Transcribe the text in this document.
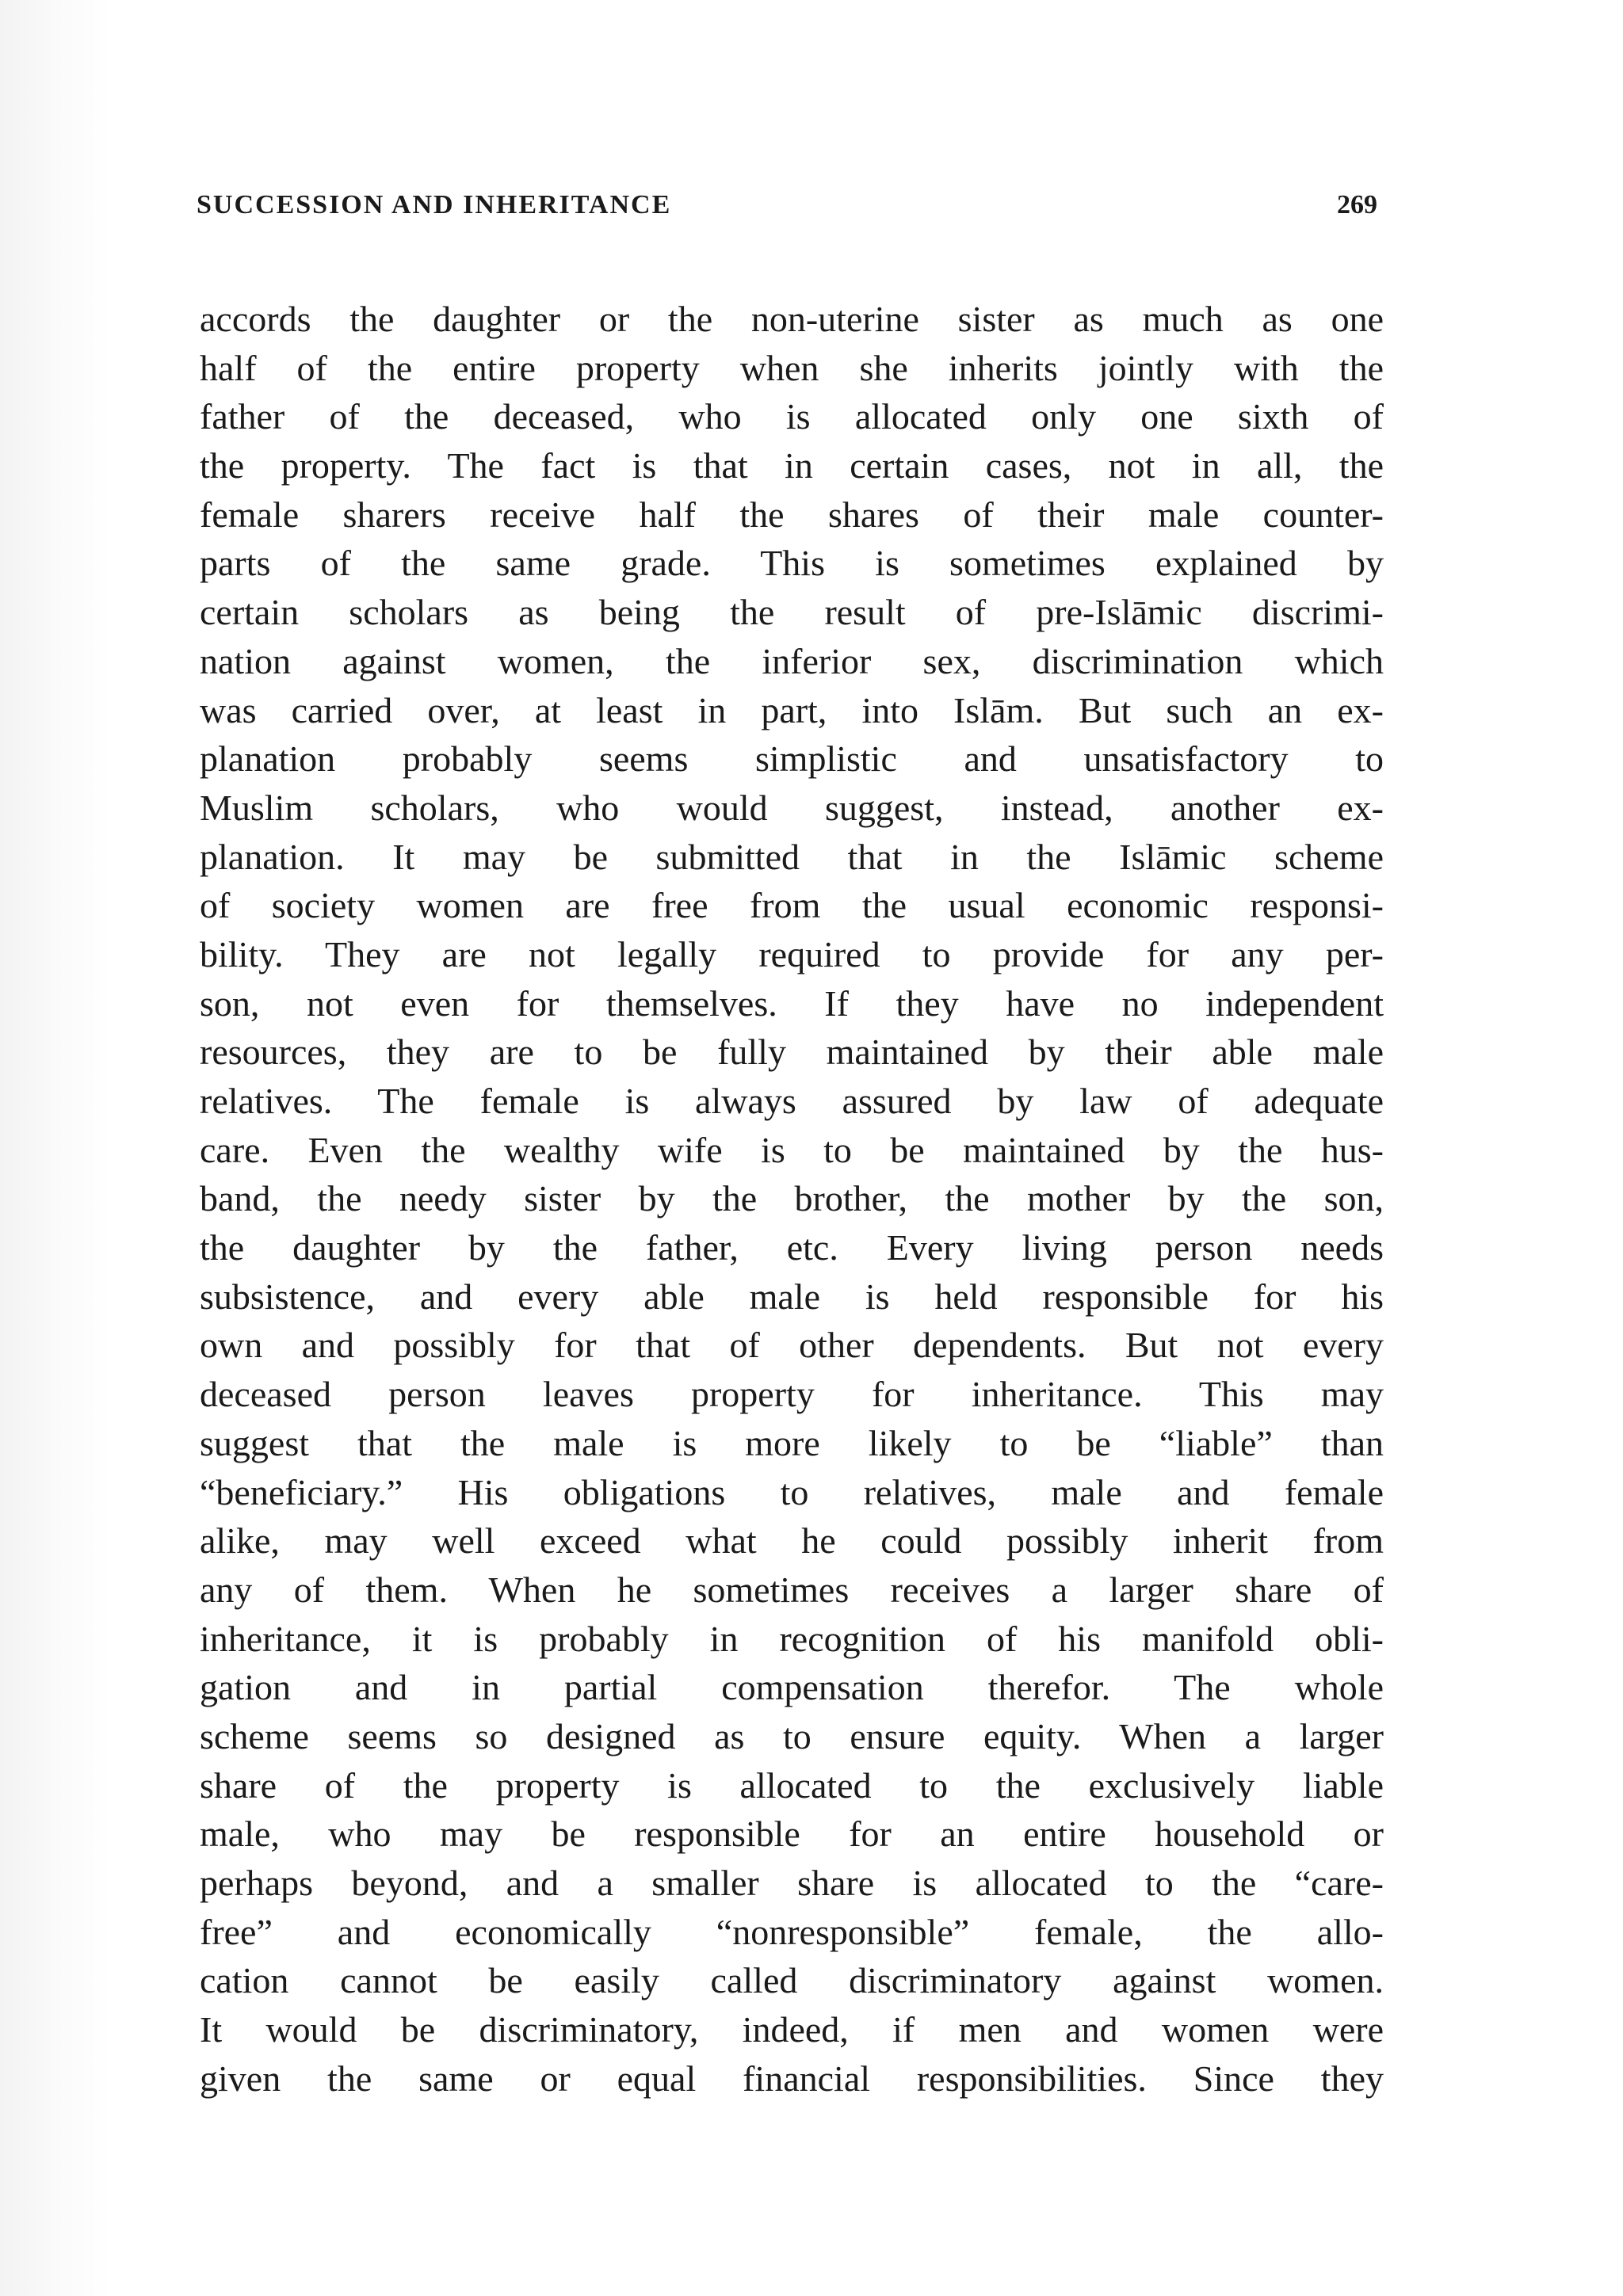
SUCCESSION AND INHERITANCE	269
accords the daughter or the non-uterine sister as much as one
half of the entire property when she inherits jointly with the
father of the deceased, who is allocated only one sixth of
the property. The fact is that in certain cases, not in all, the
female sharers receive half the shares of their male counter-
parts of the same grade. This is sometimes explained by
certain scholars as being the result of pre-Islāmic discrimi-
nation against women, the inferior sex, discrimination which
was carried over, at least in part, into Islām. But such an ex-
planation probably seems simplistic and unsatisfactory to
Muslim scholars, who would suggest, instead, another ex-
planation. It may be submitted that in the Islāmic scheme
of society women are free from the usual economic responsi-
bility. They are not legally required to provide for any per-
son, not even for themselves. If they have no independent
resources, they are to be fully maintained by their able male
relatives. The female is always assured by law of adequate
care. Even the wealthy wife is to be maintained by the hus-
band, the needy sister by the brother, the mother by the son,
the daughter by the father, etc. Every living person needs
subsistence, and every able male is held responsible for his
own and possibly for that of other dependents. But not every
deceased person leaves property for inheritance. This may
suggest that the male is more likely to be “liable” than
“beneficiary.” His obligations to relatives, male and female
alike, may well exceed what he could possibly inherit from
any of them. When he sometimes receives a larger share of
inheritance, it is probably in recognition of his manifold obli-
gation and in partial compensation therefor. The whole
scheme seems so designed as to ensure equity. When a larger
share of the property is allocated to the exclusively liable
male, who may be responsible for an entire household or
perhaps beyond, and a smaller share is allocated to the “care-
free” and economically “nonresponsible” female, the allo-
cation cannot be easily called discriminatory against women.
It would be discriminatory, indeed, if men and women were
given the same or equal financial responsibilities. Since they
